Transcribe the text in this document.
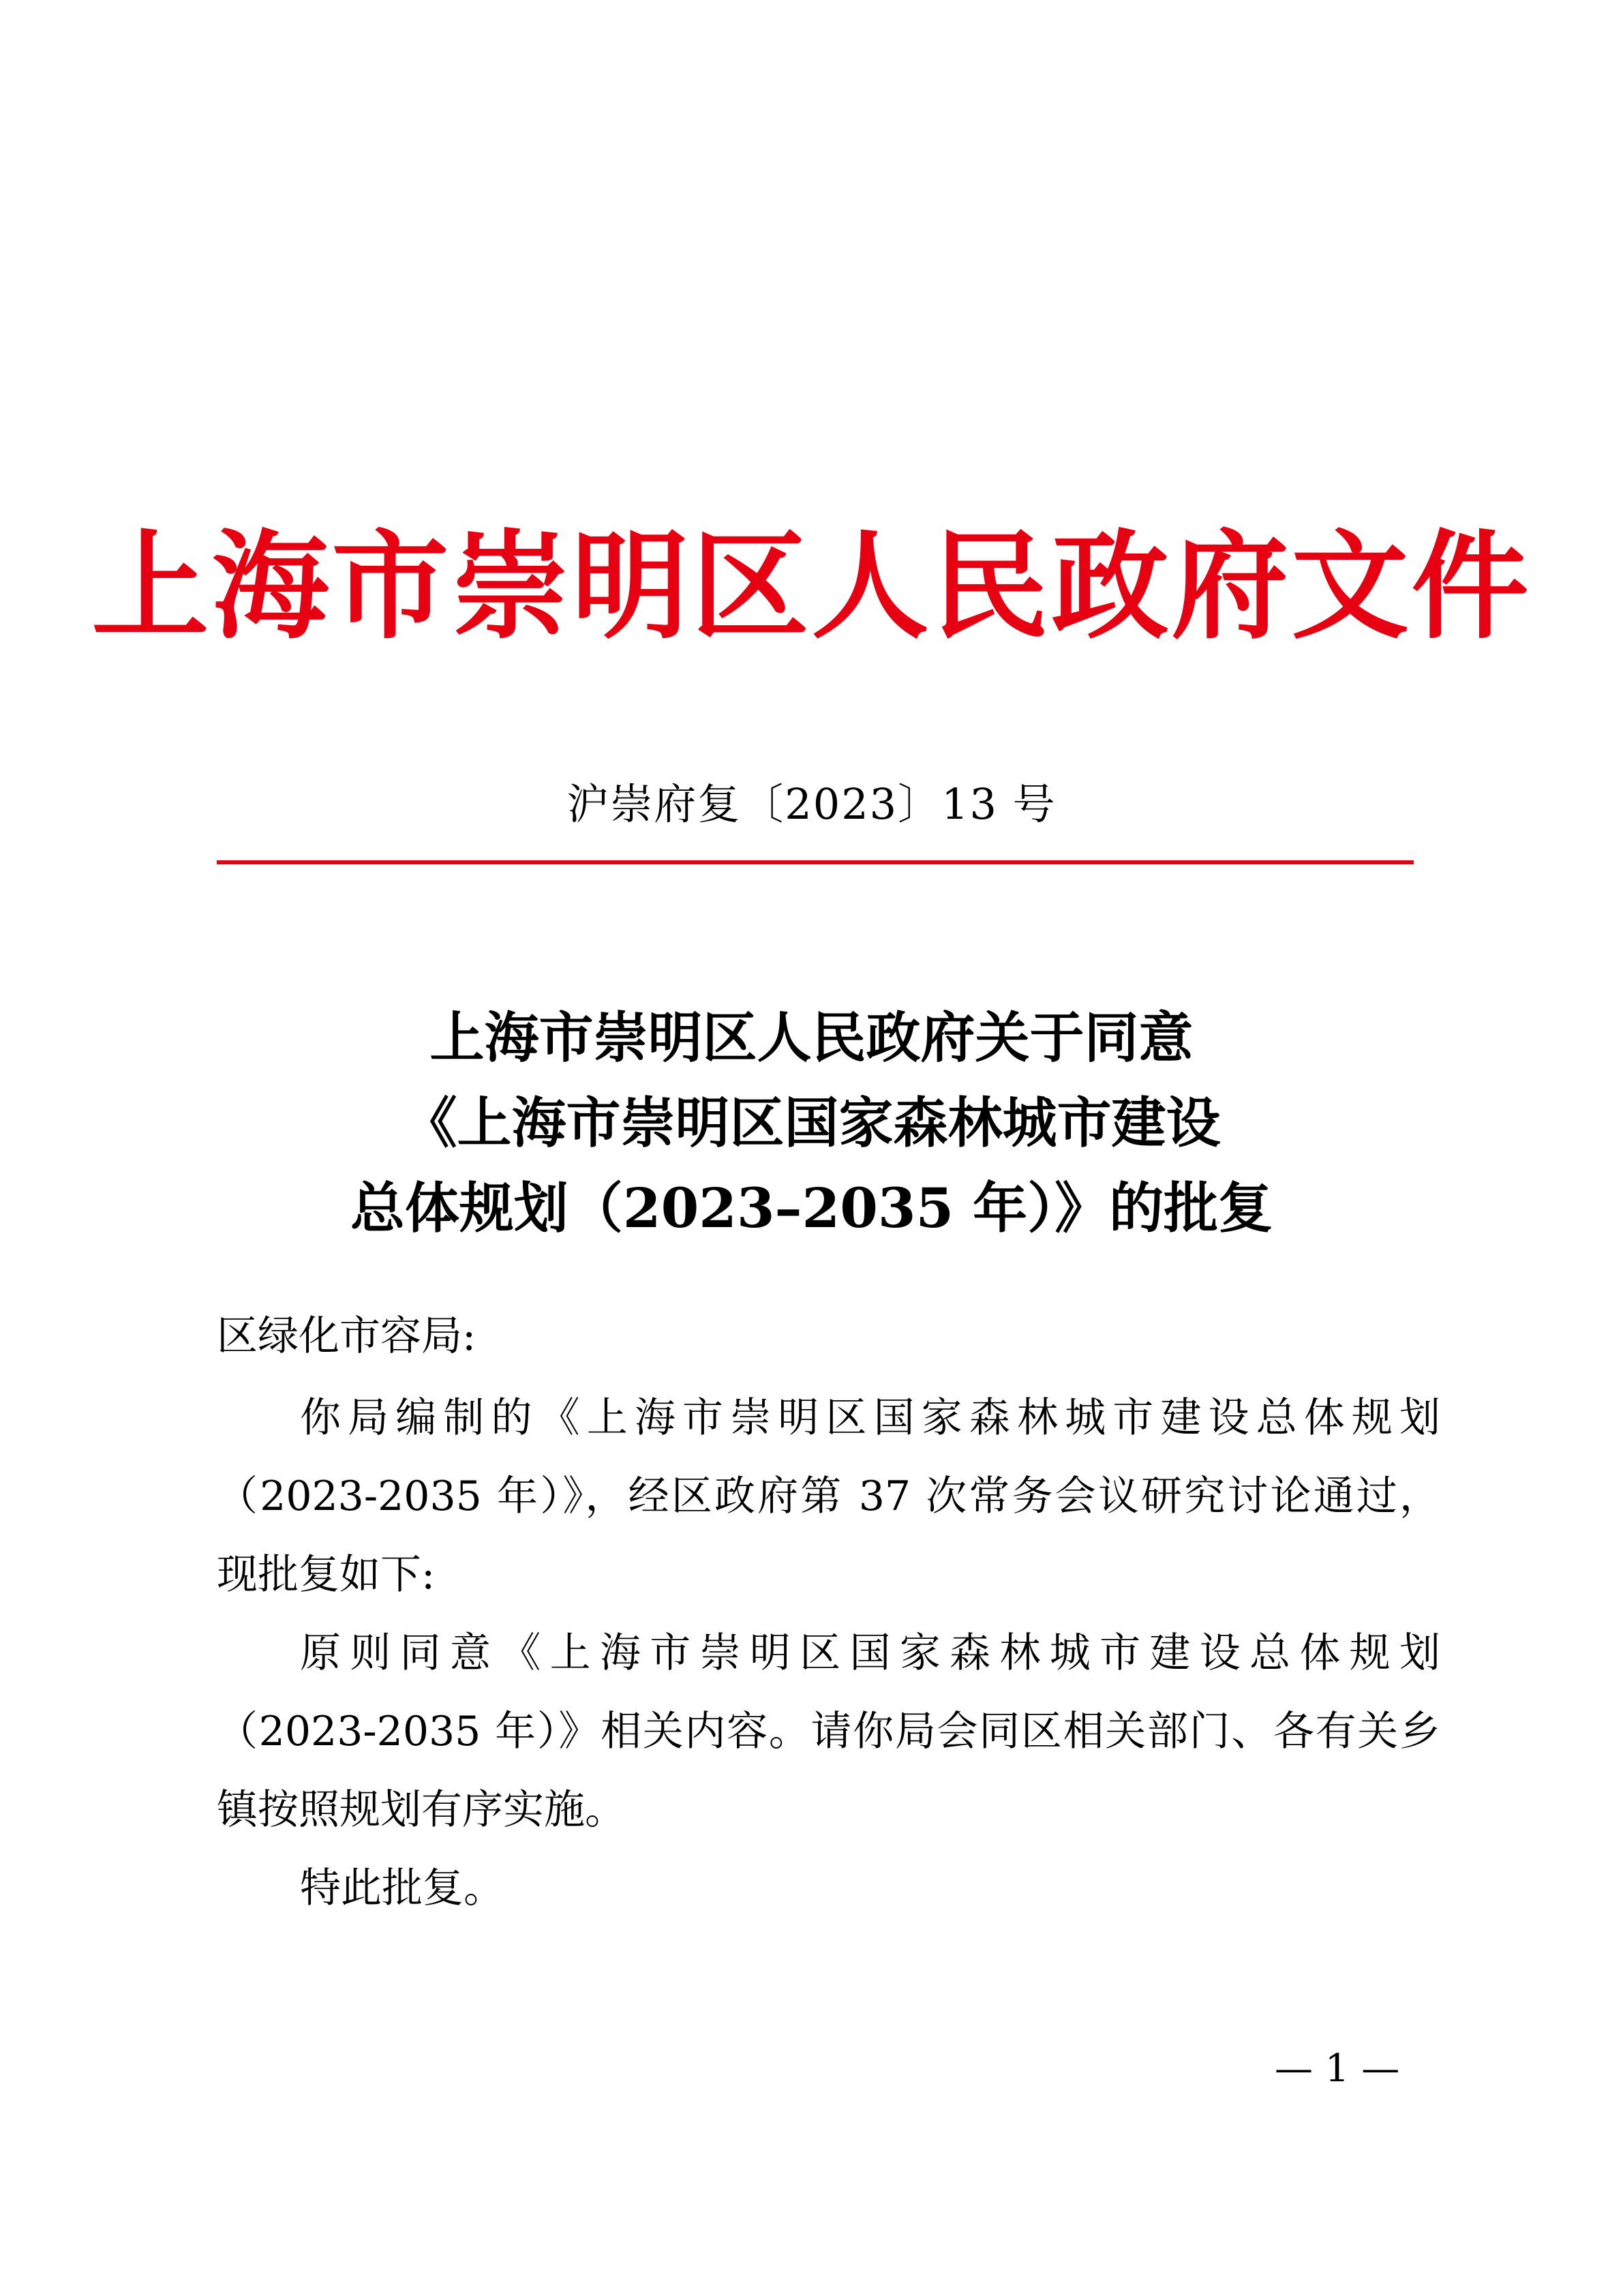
上海市崇明区人民政府文件
沪崇府复〔2023〕13 号
上海市崇明区人民政府关于同意
《上海市崇明区国家森林城市建设
总体规划（2023–2035 年）》的批复
区绿化市容局:
你局编制的《上海市崇明区国家森林城市建设总体规划
（2023-2035 年）》，经区政府第 37 次常务会议研究讨论通过，
现批复如下:
原则同意《上海市崇明区国家森林城市建设总体规划
（2023-2035 年）》相关内容。请你局会同区相关部门、各有关乡
镇按照规划有序实施。
特此批复。
— 1 —
